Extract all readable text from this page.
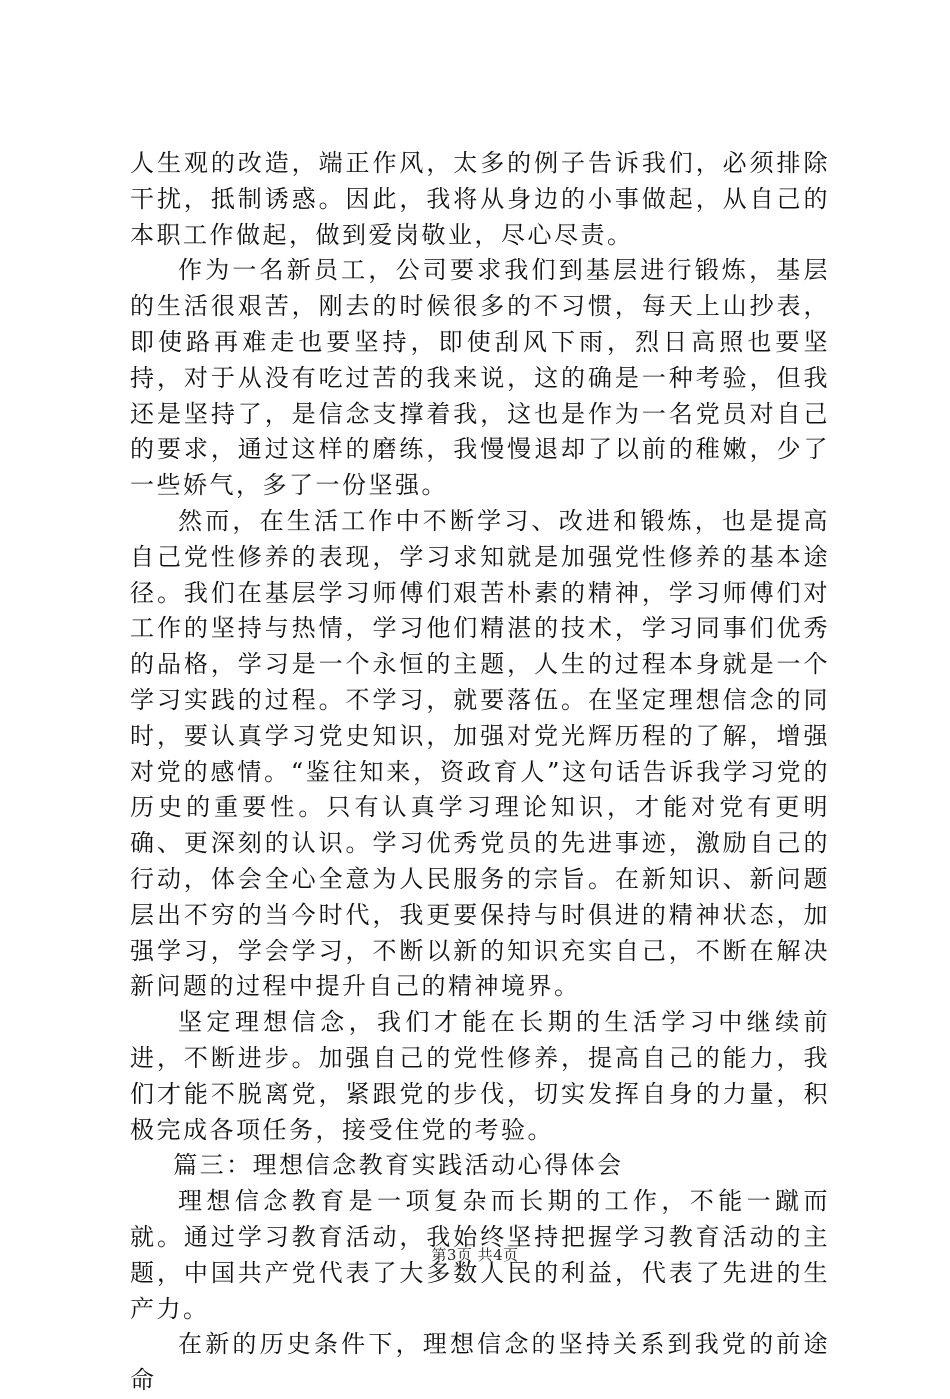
人生观的改造，端正作风，太多的例子告诉我们，必须排除干扰，抵制诱惑。因此，我将从身边的小事做起，从自己的本职工作做起，做到爱岗敬业，尽心尽责。

作为一名新员工，公司要求我们到基层进行锻炼，基层的生活很艰苦，刚去的时候很多的不习惯，每天上山抄表，即使路再难走也要坚持，即使刮风下雨，烈日高照也要坚持，对于从没有吃过苦的我来说，这的确是一种考验，但我还是坚持了，是信念支撑着我，这也是作为一名党员对自己的要求，通过这样的磨练，我慢慢退却了以前的稚嫩，少了一些娇气，多了一份坚强。

然而，在生活工作中不断学习、改进和锻炼，也是提高自己党性修养的表现，学习求知就是加强党性修养的基本途径。我们在基层学习师傅们艰苦朴素的精神，学习师傅们对工作的坚持与热情，学习他们精湛的技术，学习同事们优秀的品格，学习是一个永恒的主题，人生的过程本身就是一个学习实践的过程。不学习，就要落伍。在坚定理想信念的同时，要认真学习党史知识，加强对党光辉历程的了解，增强对党的感情。“鉴往知来，资政育人”这句话告诉我学习党的历史的重要性。只有认真学习理论知识，才能对党有更明确、更深刻的认识。学习优秀党员的先进事迹，激励自己的行动，体会全心全意为人民服务的宗旨。在新知识、新问题层出不穷的当今时代，我更要保持与时俱进的精神状态，加强学习，学会学习，不断以新的知识充实自己，不断在解决新问题的过程中提升自己的精神境界。

坚定理想信念，我们才能在长期的生活学习中继续前进，不断进步。加强自己的党性修养，提高自己的能力，我们才能不脱离党，紧跟党的步伐，切实发挥自身的力量，积极完成各项任务，接受住党的考验。

篇三：理想信念教育实践活动心得体会

理想信念教育是一项复杂而长期的工作，不能一蹴而就。通过学习教育活动，我始终坚持把握学习教育活动的主题，中国共产党代表了大多数人民的利益，代表了先进的生产力。

在新的历史条件下，理想信念的坚持关系到我党的前途命

第3页 共4页
